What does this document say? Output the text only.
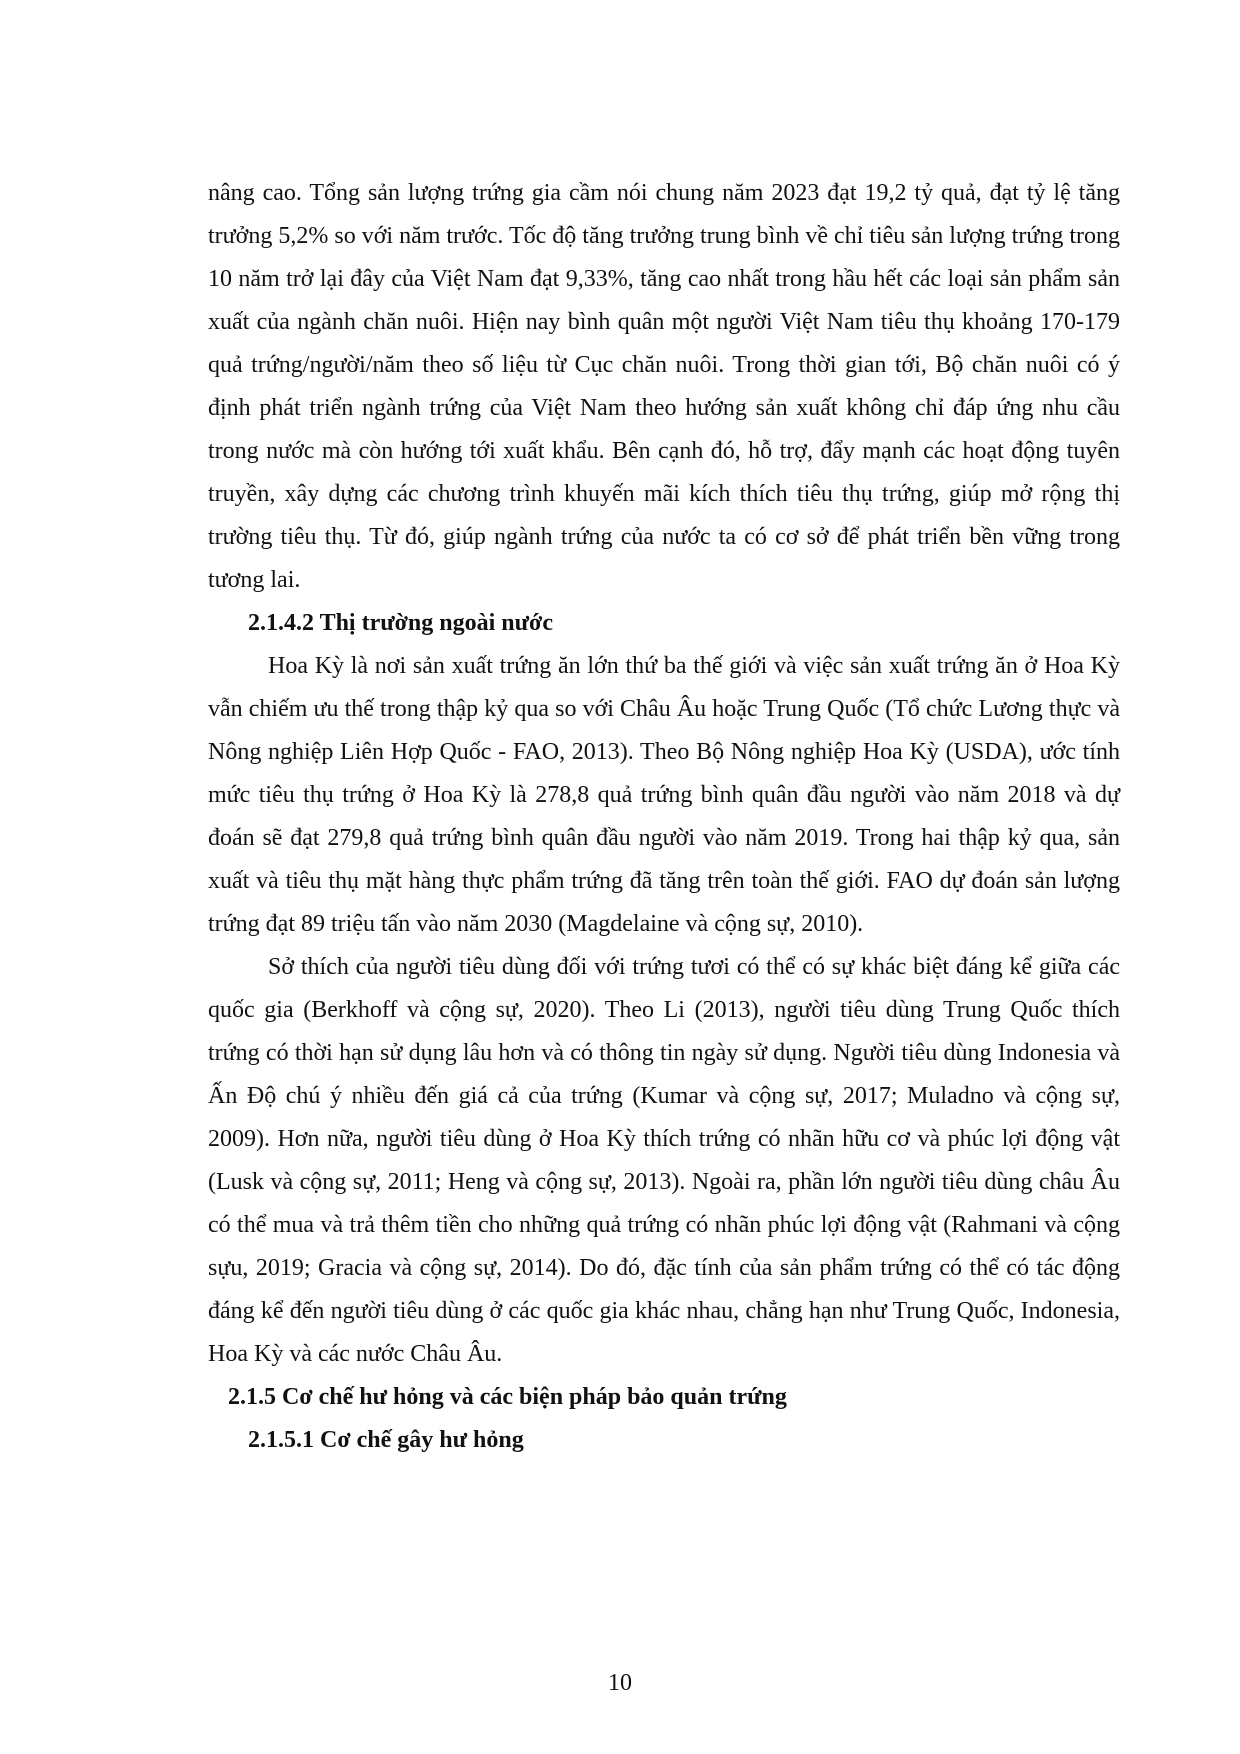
nâng cao. Tổng sản lượng trứng gia cầm nói chung năm 2023 đạt 19,2 tỷ quả, đạt tỷ lệ tăng trưởng 5,2% so với năm trước. Tốc độ tăng trưởng trung bình về chỉ tiêu sản lượng trứng trong 10 năm trở lại đây của Việt Nam đạt 9,33%, tăng cao nhất trong hầu hết các loại sản phẩm sản xuất của ngành chăn nuôi. Hiện nay bình quân một người Việt Nam tiêu thụ khoảng 170-179 quả trứng/người/năm theo số liệu từ Cục chăn nuôi. Trong thời gian tới, Bộ chăn nuôi có ý định phát triển ngành trứng của Việt Nam theo hướng sản xuất không chỉ đáp ứng nhu cầu trong nước mà còn hướng tới xuất khẩu. Bên cạnh đó, hỗ trợ, đẩy mạnh các hoạt động tuyên truyền, xây dựng các chương trình khuyến mãi kích thích tiêu thụ trứng, giúp mở rộng thị trường tiêu thụ. Từ đó, giúp ngành trứng của nước ta có cơ sở để phát triển bền vững trong tương lai.

2.1.4.2 Thị trường ngoài nước

Hoa Kỳ là nơi sản xuất trứng ăn lớn thứ ba thế giới và việc sản xuất trứng ăn ở Hoa Kỳ vẫn chiếm ưu thế trong thập kỷ qua so với Châu Âu hoặc Trung Quốc (Tổ chức Lương thực và Nông nghiệp Liên Hợp Quốc - FAO, 2013). Theo Bộ Nông nghiệp Hoa Kỳ (USDA), ước tính mức tiêu thụ trứng ở Hoa Kỳ là 278,8 quả trứng bình quân đầu người vào năm 2018 và dự đoán sẽ đạt 279,8 quả trứng bình quân đầu người vào năm 2019. Trong hai thập kỷ qua, sản xuất và tiêu thụ mặt hàng thực phẩm trứng đã tăng trên toàn thế giới. FAO dự đoán sản lượng trứng đạt 89 triệu tấn vào năm 2030 (Magdelaine và cộng sự, 2010).

Sở thích của người tiêu dùng đối với trứng tươi có thể có sự khác biệt đáng kể giữa các quốc gia (Berkhoff và cộng sự, 2020). Theo Li (2013), người tiêu dùng Trung Quốc thích trứng có thời hạn sử dụng lâu hơn và có thông tin ngày sử dụng. Người tiêu dùng Indonesia và Ấn Độ chú ý nhiều đến giá cả của trứng (Kumar và cộng sự, 2017; Muladno và cộng sự, 2009). Hơn nữa, người tiêu dùng ở Hoa Kỳ thích trứng có nhãn hữu cơ và phúc lợi động vật (Lusk và cộng sự, 2011; Heng và cộng sự, 2013). Ngoài ra, phần lớn người tiêu dùng châu Âu có thể mua và trả thêm tiền cho những quả trứng có nhãn phúc lợi động vật (Rahmani và cộng sựu, 2019; Gracia và cộng sự, 2014). Do đó, đặc tính của sản phẩm trứng có thể có tác động đáng kể đến người tiêu dùng ở các quốc gia khác nhau, chẳng hạn như Trung Quốc, Indonesia, Hoa Kỳ và các nước Châu Âu.

2.1.5 Cơ chế hư hỏng và các biện pháp bảo quản trứng
2.1.5.1 Cơ chế gây hư hỏng
10
